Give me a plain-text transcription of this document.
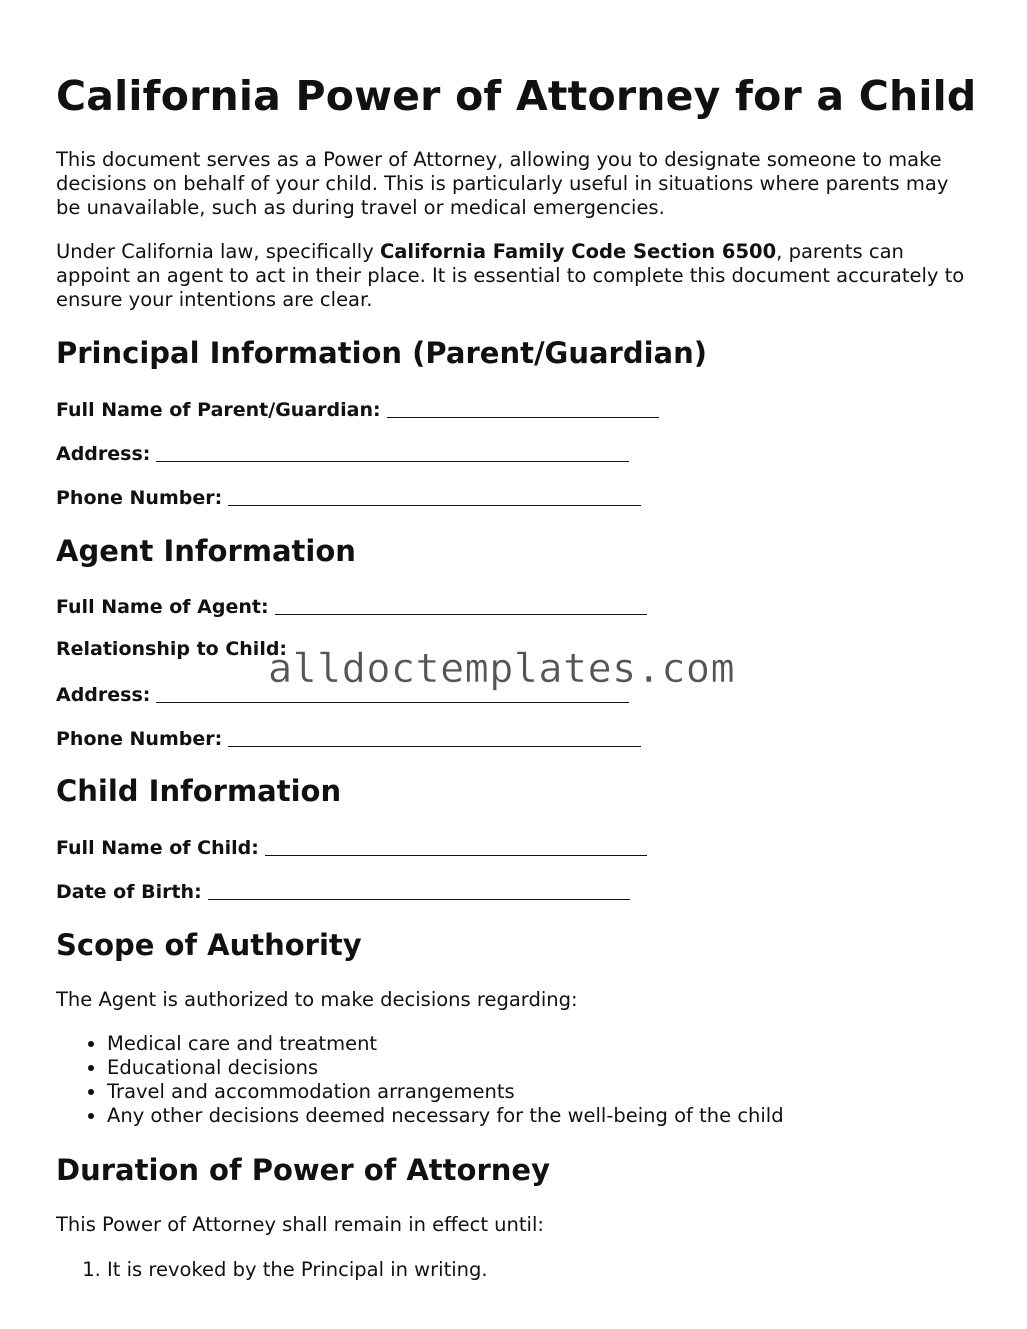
California Power of Attorney for a Child

This document serves as a Power of Attorney, allowing you to designate someone to make decisions on behalf of your child. This is particularly useful in situations where parents may be unavailable, such as during travel or medical emergencies.

Under California law, specifically California Family Code Section 6500, parents can appoint an agent to act in their place. It is essential to complete this document accurately to ensure your intentions are clear.

Principal Information (Parent/Guardian)
Full Name of Parent/Guardian:
Address:
Phone Number:
Agent Information
Full Name of Agent:
Relationship to Child:
Address:
Phone Number:
Child Information
Full Name of Child:
Date of Birth:
Scope of Authority

The Agent is authorized to make decisions regarding:

• Medical care and treatment
• Educational decisions
• Travel and accommodation arrangements
• Any other decisions deemed necessary for the well-being of the child
Duration of Power of Attorney

This Power of Attorney shall remain in effect until:

1. It is revoked by the Principal in writing.
alldoctemplates.com
